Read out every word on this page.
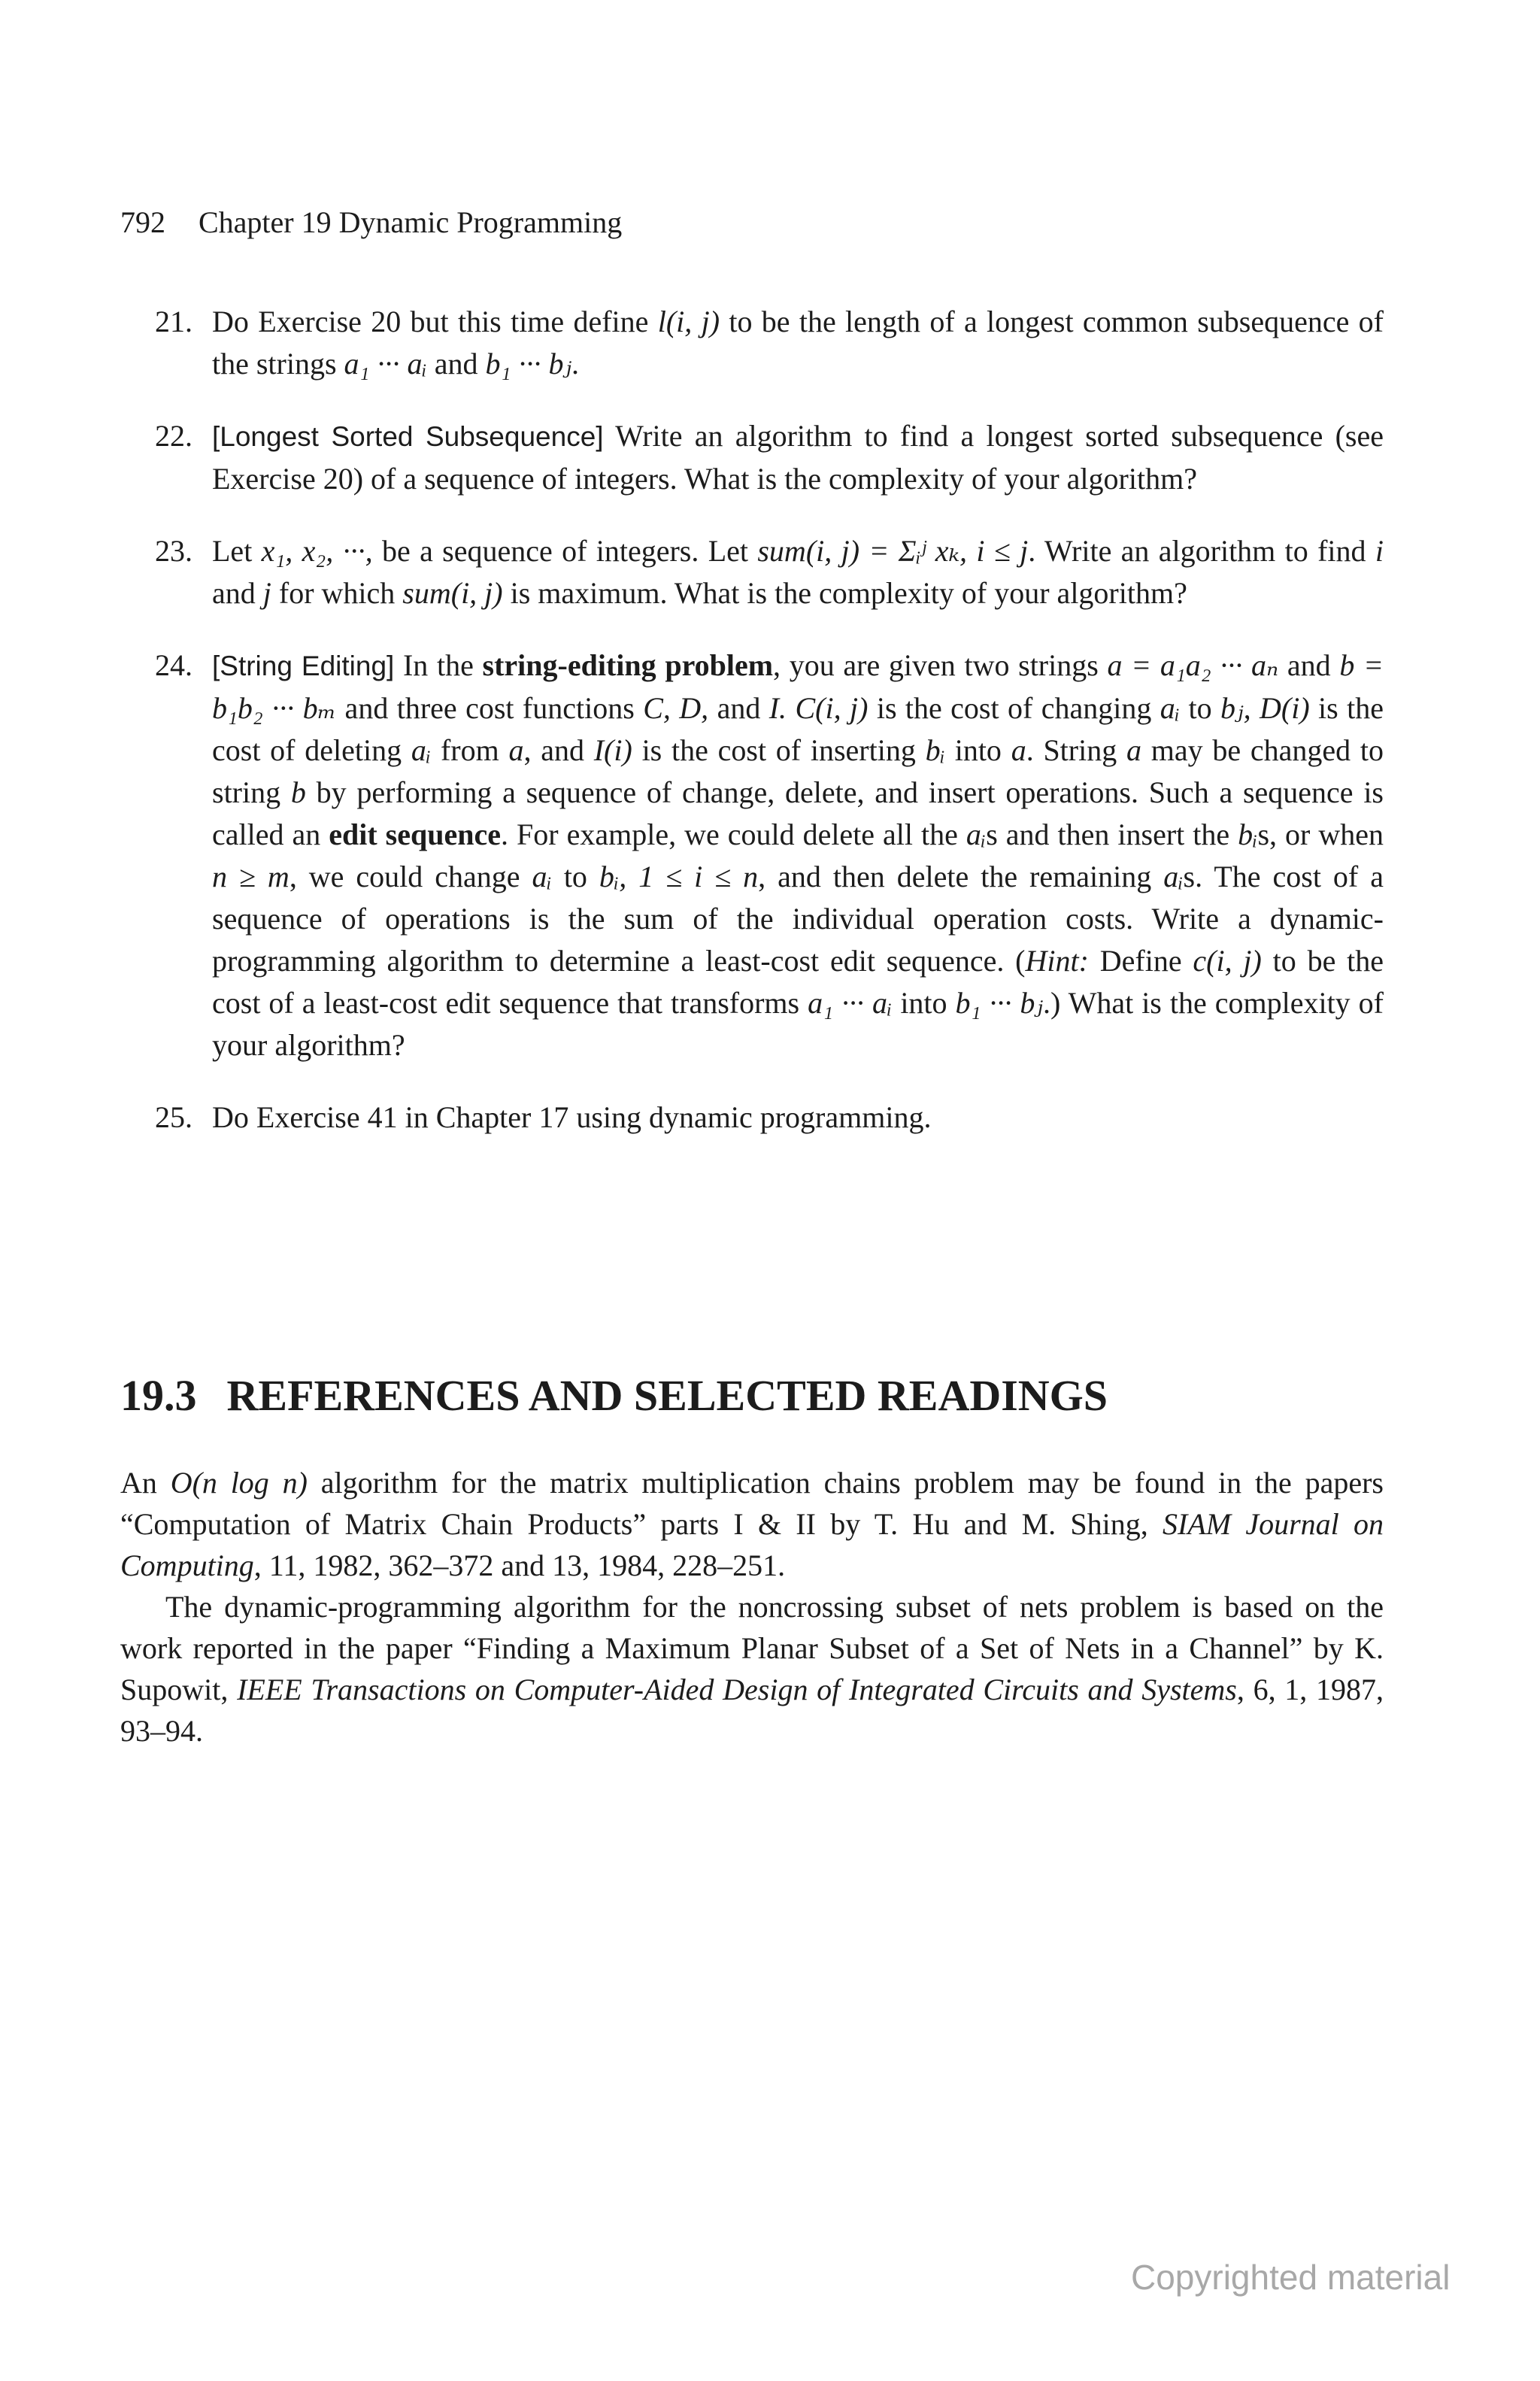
792 Chapter 19 Dynamic Programming
21. Do Exercise 20 but this time define l(i, j) to be the length of a longest common subsequence of the strings a₁ ··· aᵢ and b₁ ··· bⱼ.
22. [Longest Sorted Subsequence] Write an algorithm to find a longest sorted subsequence (see Exercise 20) of a sequence of integers. What is the complexity of your algorithm?
23. Let x₁, x₂, ···, be a sequence of integers. Let sum(i, j) = Σᵢʲ xₖ, i ≤ j. Write an algorithm to find i and j for which sum(i, j) is maximum. What is the complexity of your algorithm?
24. [String Editing] In the string-editing problem, you are given two strings a = a₁a₂ ··· aₙ and b = b₁b₂ ··· bₘ and three cost functions C, D, and I. C(i, j) is the cost of changing aᵢ to bⱼ, D(i) is the cost of deleting aᵢ from a, and I(i) is the cost of inserting bᵢ into a. String a may be changed to string b by performing a sequence of change, delete, and insert operations. Such a sequence is called an edit sequence. For example, we could delete all the aᵢs and then insert the bᵢs, or when n ≥ m, we could change aᵢ to bᵢ, 1 ≤ i ≤ n, and then delete the remaining aᵢs. The cost of a sequence of operations is the sum of the individual operation costs. Write a dynamic-programming algorithm to determine a least-cost edit sequence. (Hint: Define c(i, j) to be the cost of a least-cost edit sequence that transforms a₁ ··· aᵢ into b₁ ··· bⱼ.) What is the complexity of your algorithm?
25. Do Exercise 41 in Chapter 17 using dynamic programming.
19.3 REFERENCES AND SELECTED READINGS

An O(n log n) algorithm for the matrix multiplication chains problem may be found in the papers “Computation of Matrix Chain Products” parts I & II by T. Hu and M. Shing, SIAM Journal on Computing, 11, 1982, 362–372 and 13, 1984, 228–251.

The dynamic-programming algorithm for the noncrossing subset of nets problem is based on the work reported in the paper “Finding a Maximum Planar Subset of a Set of Nets in a Channel” by K. Supowit, IEEE Transactions on Computer-Aided Design of Integrated Circuits and Systems, 6, 1, 1987, 93–94.

Copyrighted material
